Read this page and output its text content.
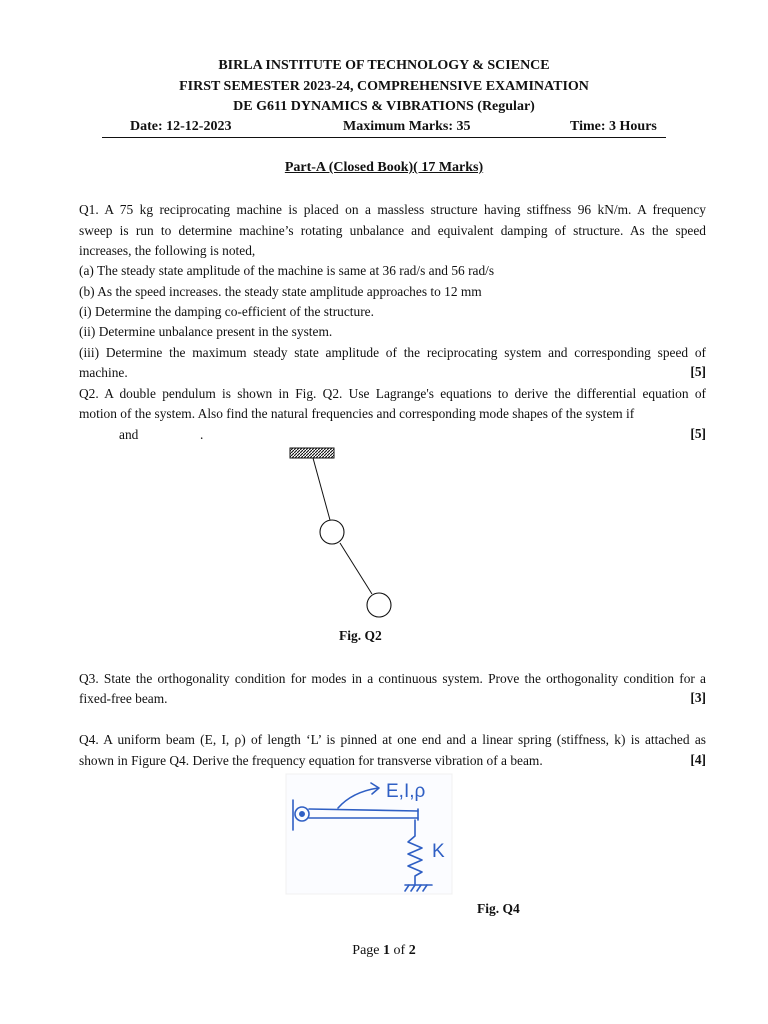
BIRLA INSTITUTE OF TECHNOLOGY & SCIENCE
FIRST SEMESTER 2023-24, COMPREHENSIVE EXAMINATION
DE G611 DYNAMICS & VIBRATIONS (Regular)
Date: 12-12-2023	Maximum Marks: 35	Time: 3 Hours
Part-A (Closed Book)( 17 Marks)
Q1. A 75 kg reciprocating machine is placed on a massless structure having stiffness 96 kN/m. A frequency
sweep is run to determine machine’s rotating unbalance and equivalent damping of structure. As the speed
increases, the following is noted,
(a) The steady state amplitude of the machine is same at 36 rad/s and 56 rad/s
(b) As the speed increases. the steady state amplitude approaches to 12 mm
(i) Determine the damping co-efficient of the structure.
(ii) Determine unbalance present in the system.
(iii) Determine the maximum steady state amplitude of the reciprocating system and corresponding speed of
machine.	[5]
Q2. A double pendulum is shown in Fig. Q2. Use Lagrange's equations to derive the differential equation of
motion of the system. Also find the natural frequencies and corresponding mode shapes of the system if
and	.	[5]
Fig. Q2
Q3. State the orthogonality condition for modes in a continuous system. Prove the orthogonality condition for a
fixed-free beam.	[3]
Q4. A uniform beam (E, I, ρ) of length ‘L’ is pinned at one end and a linear spring (stiffness, k) is attached as
shown in Figure Q4. Derive the frequency equation for transverse vibration of a beam.	[4]
E,I,ρ
K
Fig. Q4
Page 1 of 2
